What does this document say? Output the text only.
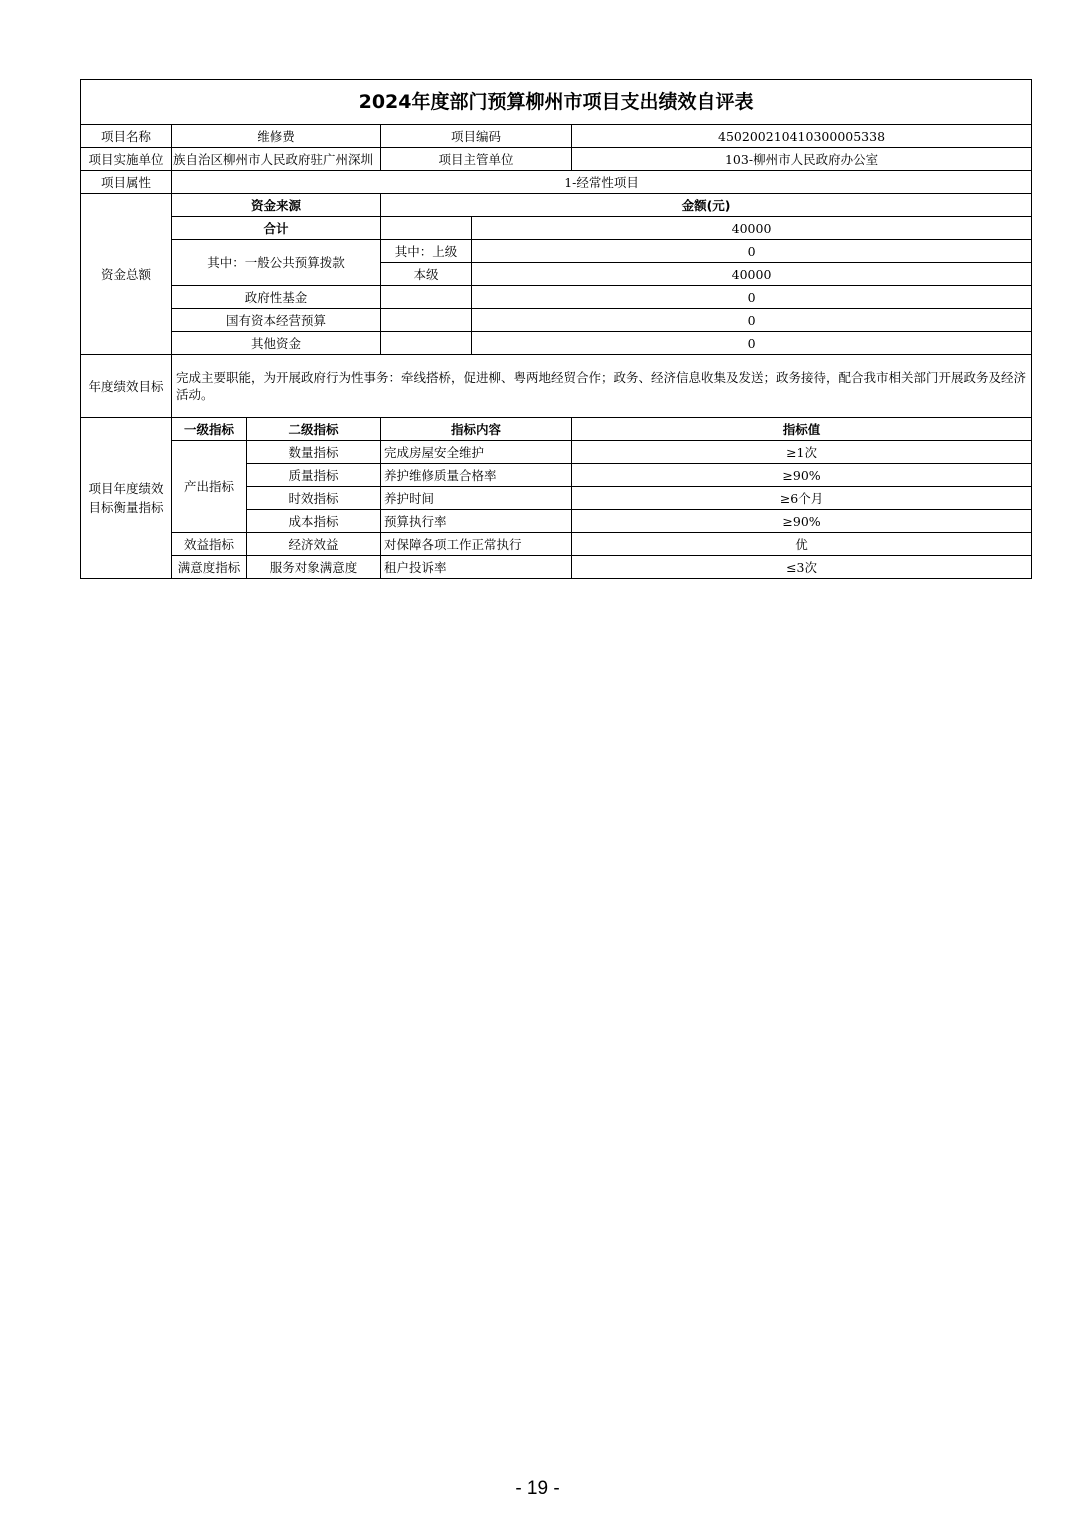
2024年度部门预算柳州市项目支出绩效自评表					
项目名称	维修费		项目编码		450200210410300005338
项目实施单位	族自治区柳州市人民政府驻广州深圳		项目主管单位		103-柳州市人民政府办公室
项目属性	1-经常性项目				
资金总额	资金来源		金额(元)		
	合计			40000	
	其中：一般公共预算拨款		其中：上级	0	
			本级	40000	
	政府性基金			0	
	国有资本经营预算			0	
	其他资金			0	
年度绩效目标	完成主要职能，为开展政府行为性事务：牵线搭桥，促进柳、粤两地经贸合作；政务、经济信息收集及发送；政务接待，配合我市相关部门开展政务及经济活动。				
项目年度绩效目标衡量指标	一级指标	二级指标	指标内容		指标值
	产出指标	数量指标	完成房屋安全维护		≥1次
		质量指标	养护维修质量合格率		≥90%
		时效指标	养护时间		≥6个月
		成本指标	预算执行率		≥90%
	效益指标	经济效益	对保障各项工作正常执行		优
	满意度指标	服务对象满意度	租户投诉率		≤3次
- 19 -
